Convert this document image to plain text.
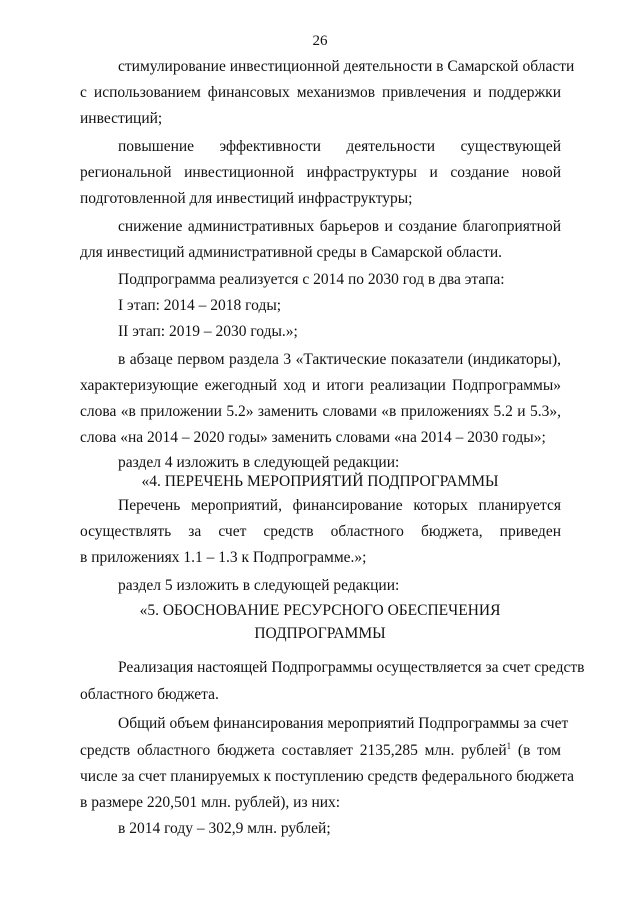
26
стимулирование инвестиционной деятельности в Самарской области
с использованием финансовых механизмов привлечения и поддержки
инвестиций;
повышение эффективности деятельности существующей
региональной инвестиционной инфраструктуры и создание новой
подготовленной для инвестиций инфраструктуры;
снижение административных барьеров и создание благоприятной
для инвестиций административной среды в Самарской области.
Подпрограмма реализуется с 2014 по 2030 год в два этапа:
I этап: 2014 – 2018 годы;
II этап: 2019 – 2030 годы.»;
в абзаце первом раздела 3 «Тактические показатели (индикаторы),
характеризующие ежегодный ход и итоги реализации Подпрограммы»
слова «в приложении 5.2» заменить словами «в приложениях 5.2 и 5.3»,
слова «на 2014 – 2020 годы» заменить словами «на 2014 – 2030 годы»;
раздел 4 изложить в следующей редакции:
«4. ПЕРЕЧЕНЬ МЕРОПРИЯТИЙ ПОДПРОГРАММЫ
Перечень мероприятий, финансирование которых планируется
осуществлять за счет средств областного бюджета, приведен
в приложениях 1.1 – 1.3 к Подпрограмме.»;
раздел 5 изложить в следующей редакции:
«5. ОБОСНОВАНИЕ РЕСУРСНОГО ОБЕСПЕЧЕНИЯ
ПОДПРОГРАММЫ
Реализация настоящей Подпрограммы осуществляется за счет средств
областного бюджета.
Общий объем финансирования мероприятий Подпрограммы за счет
средств областного бюджета составляет 2135,285 млн. рублей$^1$ (в том
числе за счет планируемых к поступлению средств федерального бюджета
в размере 220,501 млн. рублей), из них:
в 2014 году – 302,9 млн. рублей;
